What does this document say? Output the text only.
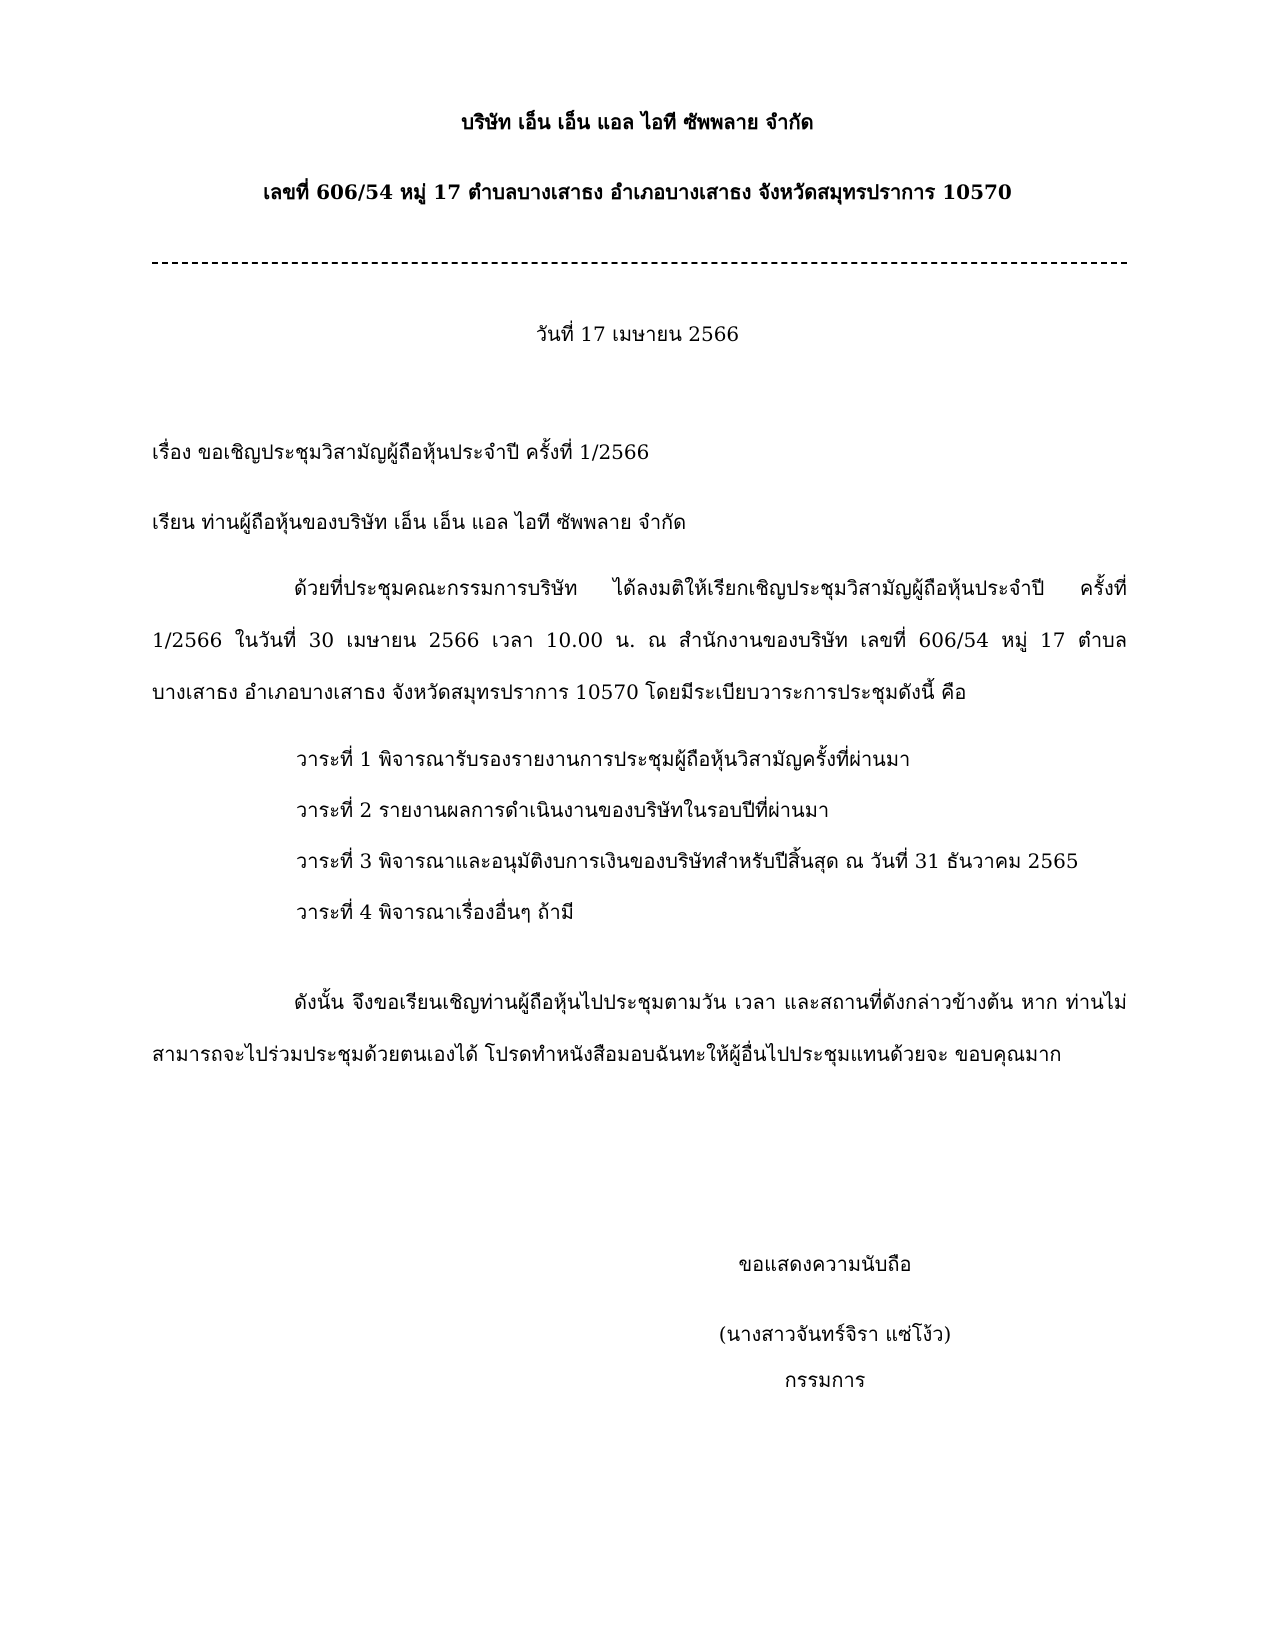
บริษัท เอ็น เอ็น แอล ไอที ซัพพลาย จำกัด
เลขที่ 606/54 หมู่ 17 ตำบลบางเสาธง อำเภอบางเสาธง จังหวัดสมุทรปราการ 10570
วันที่ 17 เมษายน 2566
เรื่อง ขอเชิญประชุมวิสามัญผู้ถือหุ้นประจำปี ครั้งที่ 1/2566
เรียน ท่านผู้ถือหุ้นของบริษัท เอ็น เอ็น แอล ไอที ซัพพลาย จำกัด
ด้วยที่ประชุมคณะกรรมการบริษัท ได้ลงมติให้เรียกเชิญประชุมวิสามัญผู้ถือหุ้นประจำปี ครั้งที่ 1/2566 ในวันที่ 30 เมษายน 2566 เวลา 10.00 น. ณ สำนักงานของบริษัท เลขที่ 606/54 หมู่ 17 ตำบลบางเสาธง อำเภอบางเสาธง จังหวัดสมุทรปราการ 10570 โดยมีระเบียบวาระการประชุมดังนี้ คือ
วาระที่ 1 พิจารณารับรองรายงานการประชุมผู้ถือหุ้นวิสามัญครั้งที่ผ่านมา
วาระที่ 2 รายงานผลการดำเนินงานของบริษัทในรอบปีที่ผ่านมา
วาระที่ 3 พิจารณาและอนุมัติงบการเงินของบริษัทสำหรับปีสิ้นสุด ณ วันที่ 31 ธันวาคม 2565
วาระที่ 4 พิจารณาเรื่องอื่นๆ ถ้ามี
ดังนั้น จึงขอเรียนเชิญท่านผู้ถือหุ้นไปประชุมตามวัน เวลา และสถานที่ดังกล่าวข้างต้น หาก ท่านไม่สามารถจะไปร่วมประชุมด้วยตนเองได้ โปรดทำหนังสือมอบฉันทะให้ผู้อื่นไปประชุมแทนด้วยจะ ขอบคุณมาก
ขอแสดงความนับถือ
(นางสาวจันทร์จิรา แซ่โง้ว)
กรรมการ
